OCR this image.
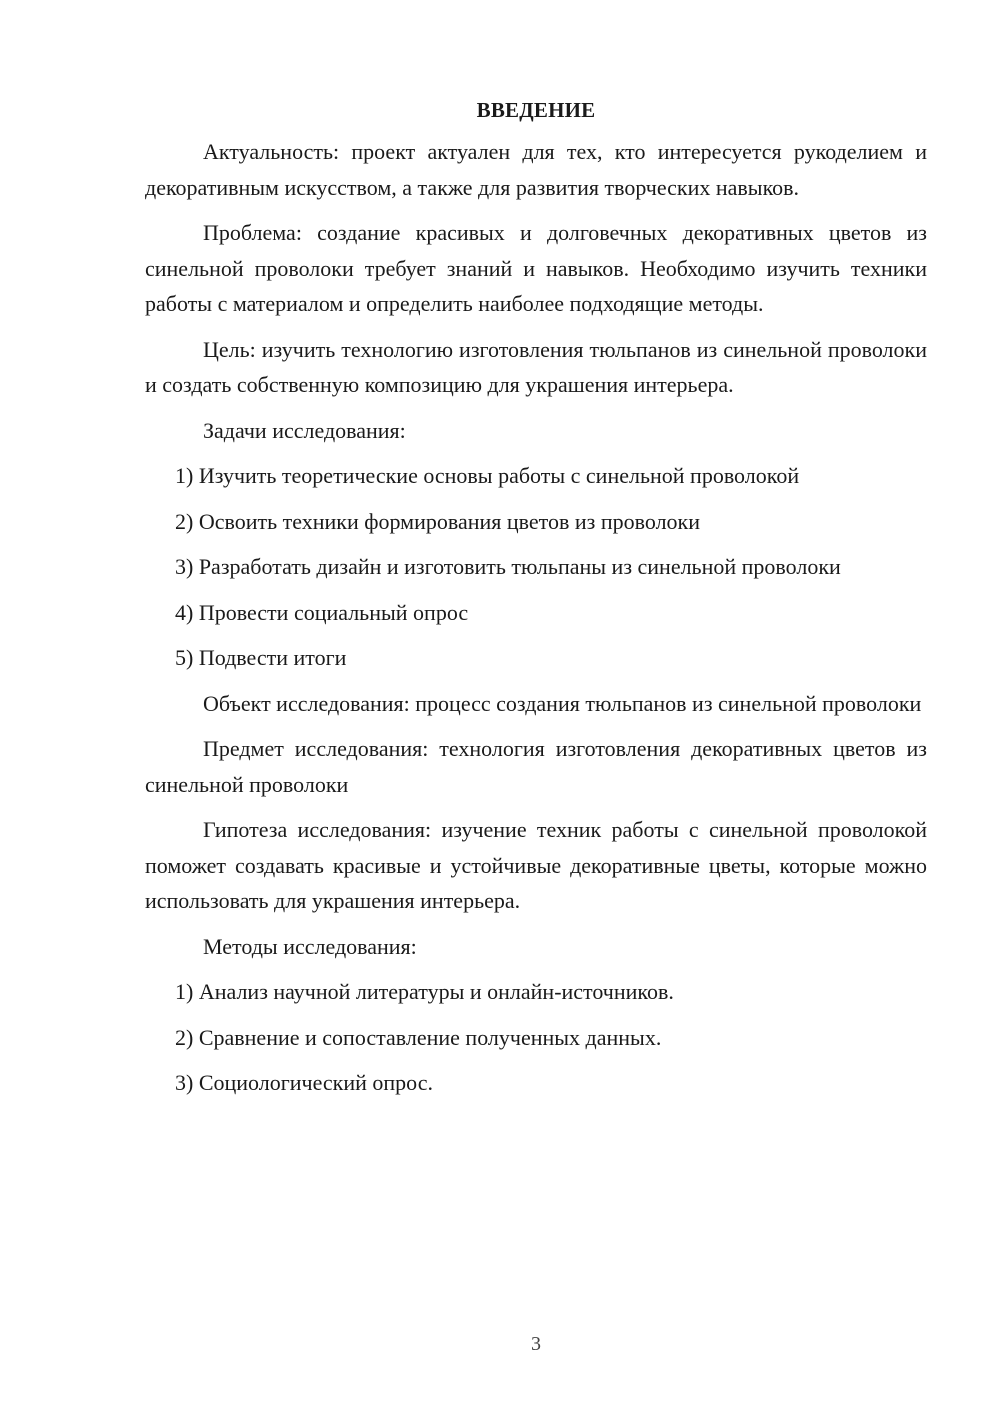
ВВЕДЕНИЕ

Актуальность: проект актуален для тех, кто интересуется рукоделием и декоративным искусством, а также для развития творческих навыков.

Проблема: создание красивых и долговечных декоративных цветов из синельной проволоки требует знаний и навыков. Необходимо изучить техники работы с материалом и определить наиболее подходящие методы.

Цель: изучить технологию изготовления тюльпанов из синельной проволоки и создать собственную композицию для украшения интерьера.

Задачи исследования:

1) Изучить теоретические основы работы с синельной проволокой

2) Освоить техники формирования цветов из проволоки

3) Разработать дизайн и изготовить тюльпаны из синельной проволоки

4) Провести социальный опрос

5) Подвести итоги

Объект исследования: процесс создания тюльпанов из синельной проволоки

Предмет исследования: технология изготовления декоративных цветов из синельной проволоки

Гипотеза исследования: изучение техник работы с синельной проволокой поможет создавать красивые и устойчивые декоративные цветы, которые можно использовать для украшения интерьера.

Методы исследования:

1) Анализ научной литературы и онлайн-источников.

2) Сравнение и сопоставление полученных данных.

3) Социологический опрос.

3
